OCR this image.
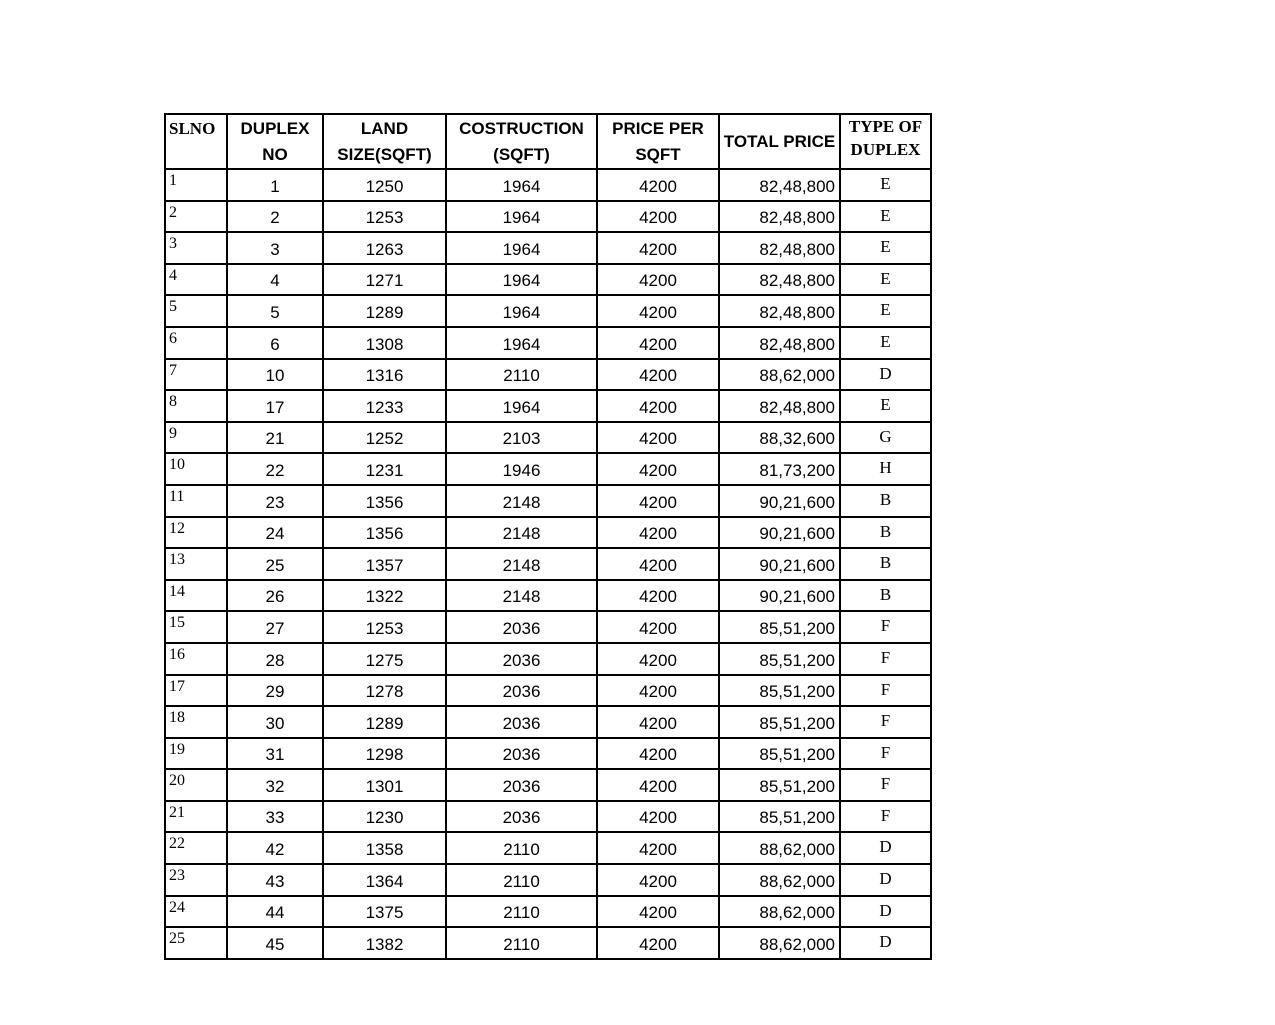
SLNO	DUPLEX NO	LAND SIZE(SQFT)	COSTRUCTION (SQFT)	PRICE PER SQFT	TOTAL PRICE	TYPE OF DUPLEX
1	1	1250	1964	4200	82,48,800	E
2	2	1253	1964	4200	82,48,800	E
3	3	1263	1964	4200	82,48,800	E
4	4	1271	1964	4200	82,48,800	E
5	5	1289	1964	4200	82,48,800	E
6	6	1308	1964	4200	82,48,800	E
7	10	1316	2110	4200	88,62,000	D
8	17	1233	1964	4200	82,48,800	E
9	21	1252	2103	4200	88,32,600	G
10	22	1231	1946	4200	81,73,200	H
11	23	1356	2148	4200	90,21,600	B
12	24	1356	2148	4200	90,21,600	B
13	25	1357	2148	4200	90,21,600	B
14	26	1322	2148	4200	90,21,600	B
15	27	1253	2036	4200	85,51,200	F
16	28	1275	2036	4200	85,51,200	F
17	29	1278	2036	4200	85,51,200	F
18	30	1289	2036	4200	85,51,200	F
19	31	1298	2036	4200	85,51,200	F
20	32	1301	2036	4200	85,51,200	F
21	33	1230	2036	4200	85,51,200	F
22	42	1358	2110	4200	88,62,000	D
23	43	1364	2110	4200	88,62,000	D
24	44	1375	2110	4200	88,62,000	D
25	45	1382	2110	4200	88,62,000	D
